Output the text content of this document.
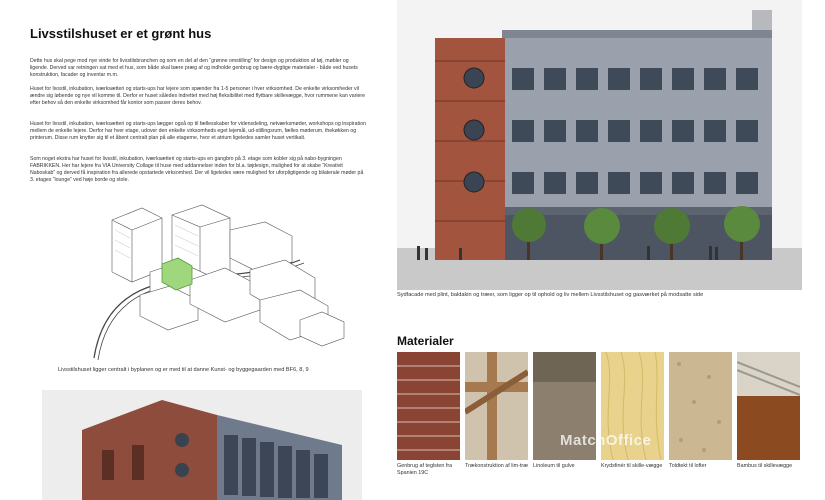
Livsstilshuset er et grønt hus
Dette hus skal pege mod nye vinde for livsstilsbranchen og som en del af den “grønne omstilling” for design og produktion af tøj, møbler og ligende. Derved var retningen sat med et hus, som både skal bære præg af og indholde genbrug og bære-dygtige materialer - både ved husets konstruktion, facader og inventar m.m.
Huset for livsstil, inkubation, iværksætteri og starts-ups har lejere som spænder fra 1-5 personer i hver virksomhed. De enkelte virksomheder vil ændre sig løbende og nye vil komme til. Derfor er huset således indrettet med høj fleksibilitet med flytbare skillevægge, hvor rummene kan variere efter behov så den enkelte virksomhed får kontor som passer deres behov.
Huset for livsstil, inkubation, iværksætteri og starts-ups lægger også op til fællesskaber for vidensdeling, netværksmøder, workshops og inspiration mellem de enkelte lejere. Derfor har hver etage, udover den enkelte virksomheds eget lejemål, ud-stillingsrum, fælles møderum, thekøkken og printerum. Disse rum knytter sig til et åbent centralt plan på alle etagerne, hvor et atrium ligeledes samler huset vertikalt.
Som noget ekstra har huset for livsstil, inkubation, iværksætteri og starts-ups en gangbro på 3. etage som kobler sig på nabo-bygningen FABRIKKEN. Her har lejere fra VIA University Collage til huse med uddannelser inden for bl.a. tøjdesign, mulighed for at skabe “Kreativit Naboskab” og derved få inspiration fra allerede opstartede virksomhed. Der vil ligeledes være mulighed for uforpligtigende og bilaterale møder på 3. etages “lounge” ved høje borde og stole.
Livsstilshuset ligger centralt i byplanen og er med til at danne Kunst- og byggegaarden med BF6, 8, 9
Sydfacade med plint, baldakin og træer, som ligger op til ophold og liv mellem Livsstilshuset og gasværket på modsatte side
Materialer
Genbrug af teglsten fra Spanien 19C
Trækonstruktion af lim-træ Linoleum til gulve	Krydsfinér til skille-vægge	Toldtekt til lofter	Bambus til skillevægge
MatchOffice
